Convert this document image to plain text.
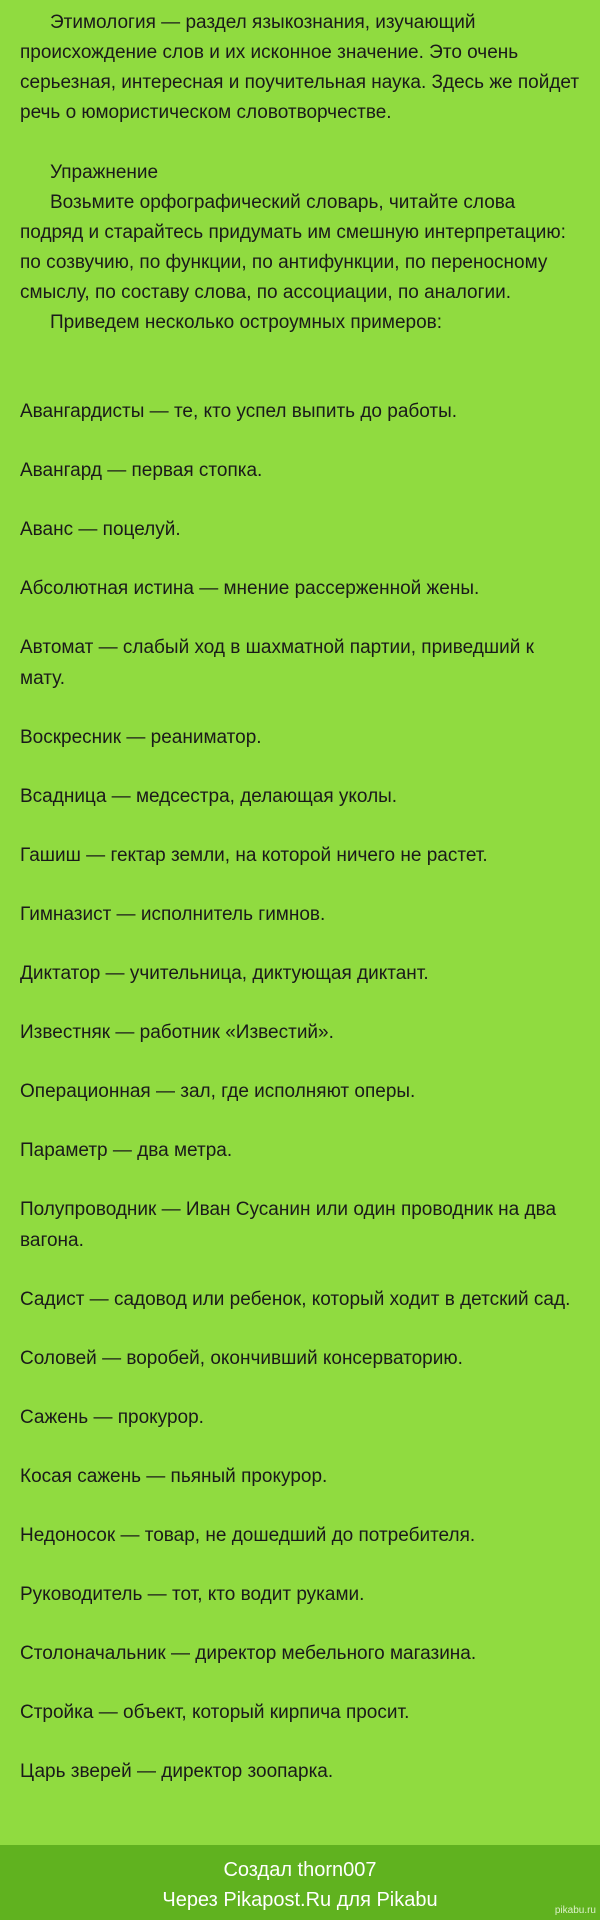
Этимология — раздел языкознания, изучающий происхождение слов и их исконное значение. Это очень серьезная, интересная и поучительная наука. Здесь же пойдет речь о юмористическом словотворчестве.

Упражнение

Возьмите орфографический словарь, читайте слова подряд и старайтесь придумать им смешную интерпретацию: по созвучию, по функции, по антифункции, по переносному смыслу, по составу слова, по ассоциации, по аналогии.

Приведем несколько остроумных примеров:

Авангардисты — те, кто успел выпить до работы.

Авангард — первая стопка.

Аванс — поцелуй.

Абсолютная истина — мнение рассерженной жены.

Автомат — слабый ход в шахматной партии, приведший к мату.

Воскресник — реаниматор.

Всадница — медсестра, делающая уколы.

Гашиш — гектар земли, на которой ничего не растет.

Гимназист — исполнитель гимнов.

Диктатор — учительница, диктующая диктант.

Известняк — работник «Известий».

Операционная — зал, где исполняют оперы.

Параметр — два метра.

Полупроводник — Иван Сусанин или один проводник на два вагона.

Садист — садовод или ребенок, который ходит в детский сад.

Соловей — воробей, окончивший консерваторию.

Сажень — прокурор.

Косая сажень — пьяный прокурор.

Недоносок — товар, не дошедший до потребителя.

Руководитель — тот, кто водит руками.

Столоначальник — директор мебельного магазина.

Стройка — объект, который кирпича просит.

Царь зверей — директор зоопарка.

Создал thorn007
Через Pikapost.Ru для Pikabu	pikabu.ru
